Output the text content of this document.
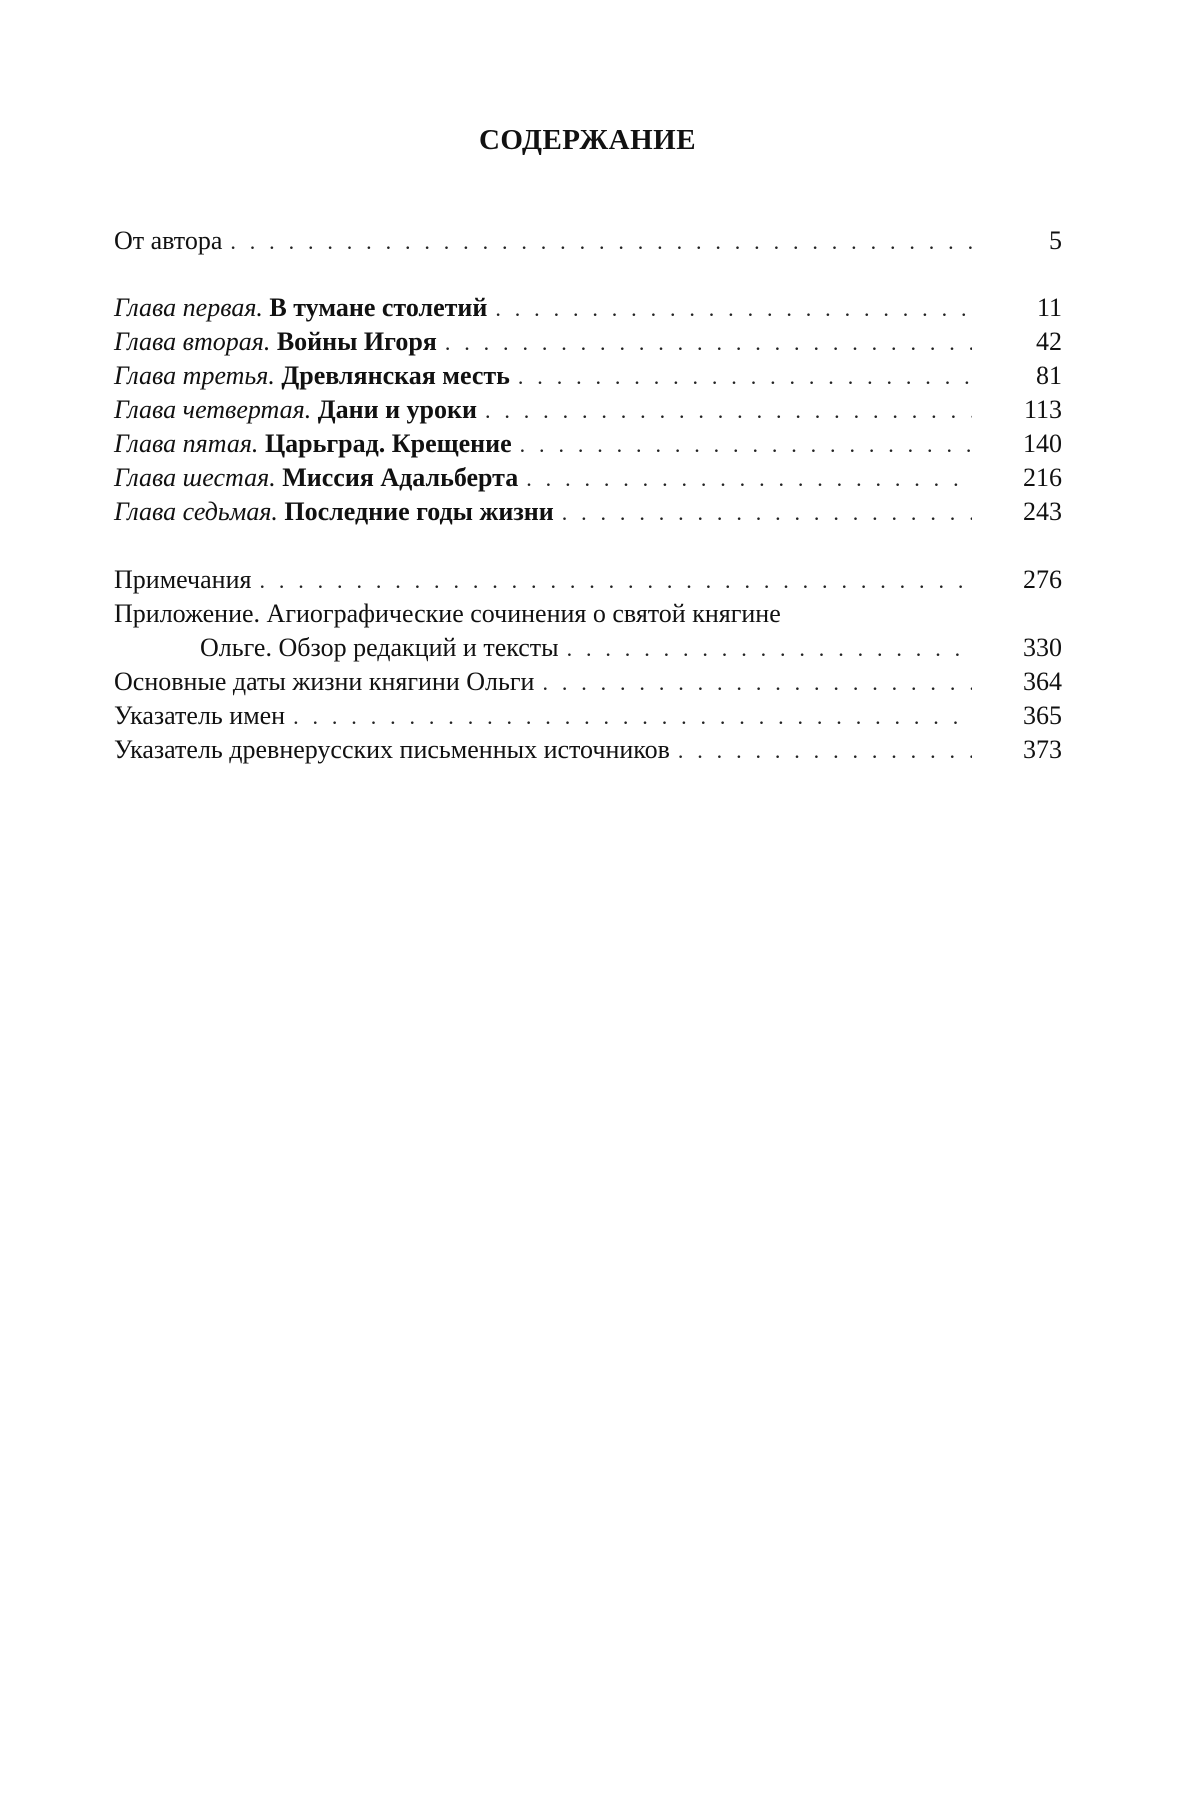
СОДЕРЖАНИЕ
От автора . . .	5
Глава первая. В тумане столетий . . .	11
Глава вторая. Войны Игоря . . .	42
Глава третья. Древлянская месть . . .	81
Глава четвертая. Дани и уроки . . .	113
Глава пятая. Царьград. Крещение . . .	140
Глава шестая. Миссия Адальберта . . .	216
Глава седьмая. Последние годы жизни . . .	243
Примечания . . .	276
Приложение. Агиографические сочинения о святой княгине
Ольге. Обзор редакций и тексты . . .	330
Основные даты жизни княгини Ольги . . .	364
Указатель имен . . .	365
Указатель древнерусских письменных источников . . .	373
